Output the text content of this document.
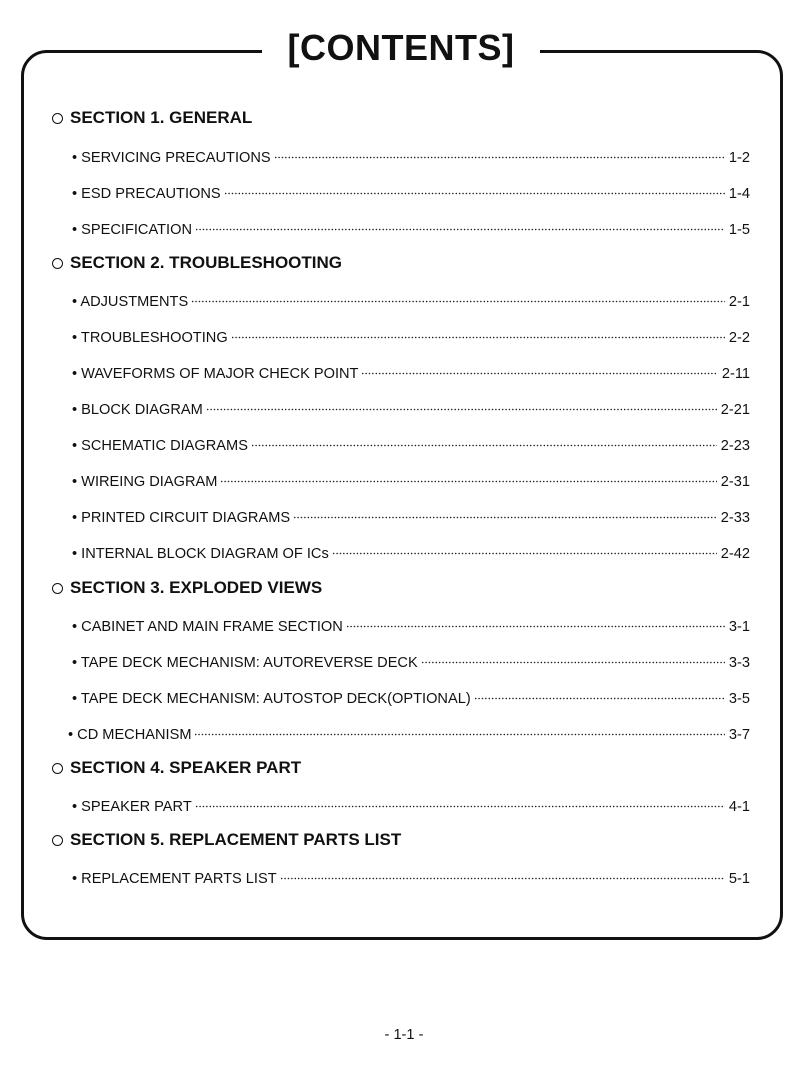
[CONTENTS]
SECTION 1. GENERAL
• SERVICING PRECAUTIONS	1-2
• ESD PRECAUTIONS	1-4
• SPECIFICATION	1-5
SECTION 2. TROUBLESHOOTING
• ADJUSTMENTS	2-1
• TROUBLESHOOTING	2-2
• WAVEFORMS OF MAJOR CHECK POINT	2-11
• BLOCK DIAGRAM	2-21
• SCHEMATIC DIAGRAMS	2-23
• WIREING DIAGRAM	2-31
• PRINTED CIRCUIT DIAGRAMS	2-33
• INTERNAL BLOCK DIAGRAM OF ICs	2-42
SECTION 3. EXPLODED VIEWS
• CABINET AND MAIN FRAME SECTION	3-1
• TAPE DECK MECHANISM: AUTOREVERSE DECK	3-3
• TAPE DECK MECHANISM: AUTOSTOP DECK(OPTIONAL)	3-5
• CD MECHANISM	3-7
SECTION 4. SPEAKER PART
• SPEAKER PART	4-1
SECTION 5. REPLACEMENT PARTS LIST
• REPLACEMENT PARTS LIST	5-1
- 1-1 -
